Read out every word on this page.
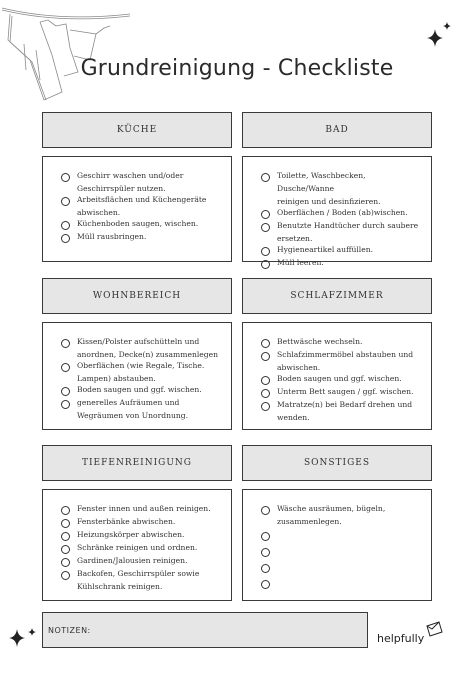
Grundreinigung - Checkliste
KÜCHE	BAD
Geschirr waschen und/oder
Geschirrspüler nutzen.
Arbeitsflächen und Küchengeräte
abwischen.
Küchenboden saugen, wischen.
Müll rausbringen.
Toilette, Waschbecken, Dusche/Wanne
reinigen und desinfizieren.
Oberflächen / Boden (ab)wischen.
Benutzte Handtücher durch saubere
ersetzen.
Hygieneartikel auffüllen.
Müll leeren.
WOHNBEREICH	SCHLAFZIMMER
Kissen/Polster aufschütteln und
anordnen, Decke(n) zusammenlegen
Oberflächen (wie Regale, Tische.
Lampen) abstauben.
Boden saugen und ggf. wischen.
generelles Aufräumen und
Wegräumen von Unordnung.
Bettwäsche wechseln.
Schlafzimmermöbel abstauben und
abwischen.
Boden saugen und ggf. wischen.
Unterm Bett saugen / ggf. wischen.
Matratze(n) bei Bedarf drehen und
wenden.
TIEFENREINIGUNG	SONSTIGES
Fenster innen und außen reinigen.
Fensterbänke abwischen.
Heizungskörper abwischen.
Schränke reinigen und ordnen.
Gardinen/Jalousien reinigen.
Backofen, Geschirrspüler sowie
Kühlschrank reinigen.
Wäsche ausräumen, bügeln,
zusammenlegen.
NOTIZEN:
helpfully
